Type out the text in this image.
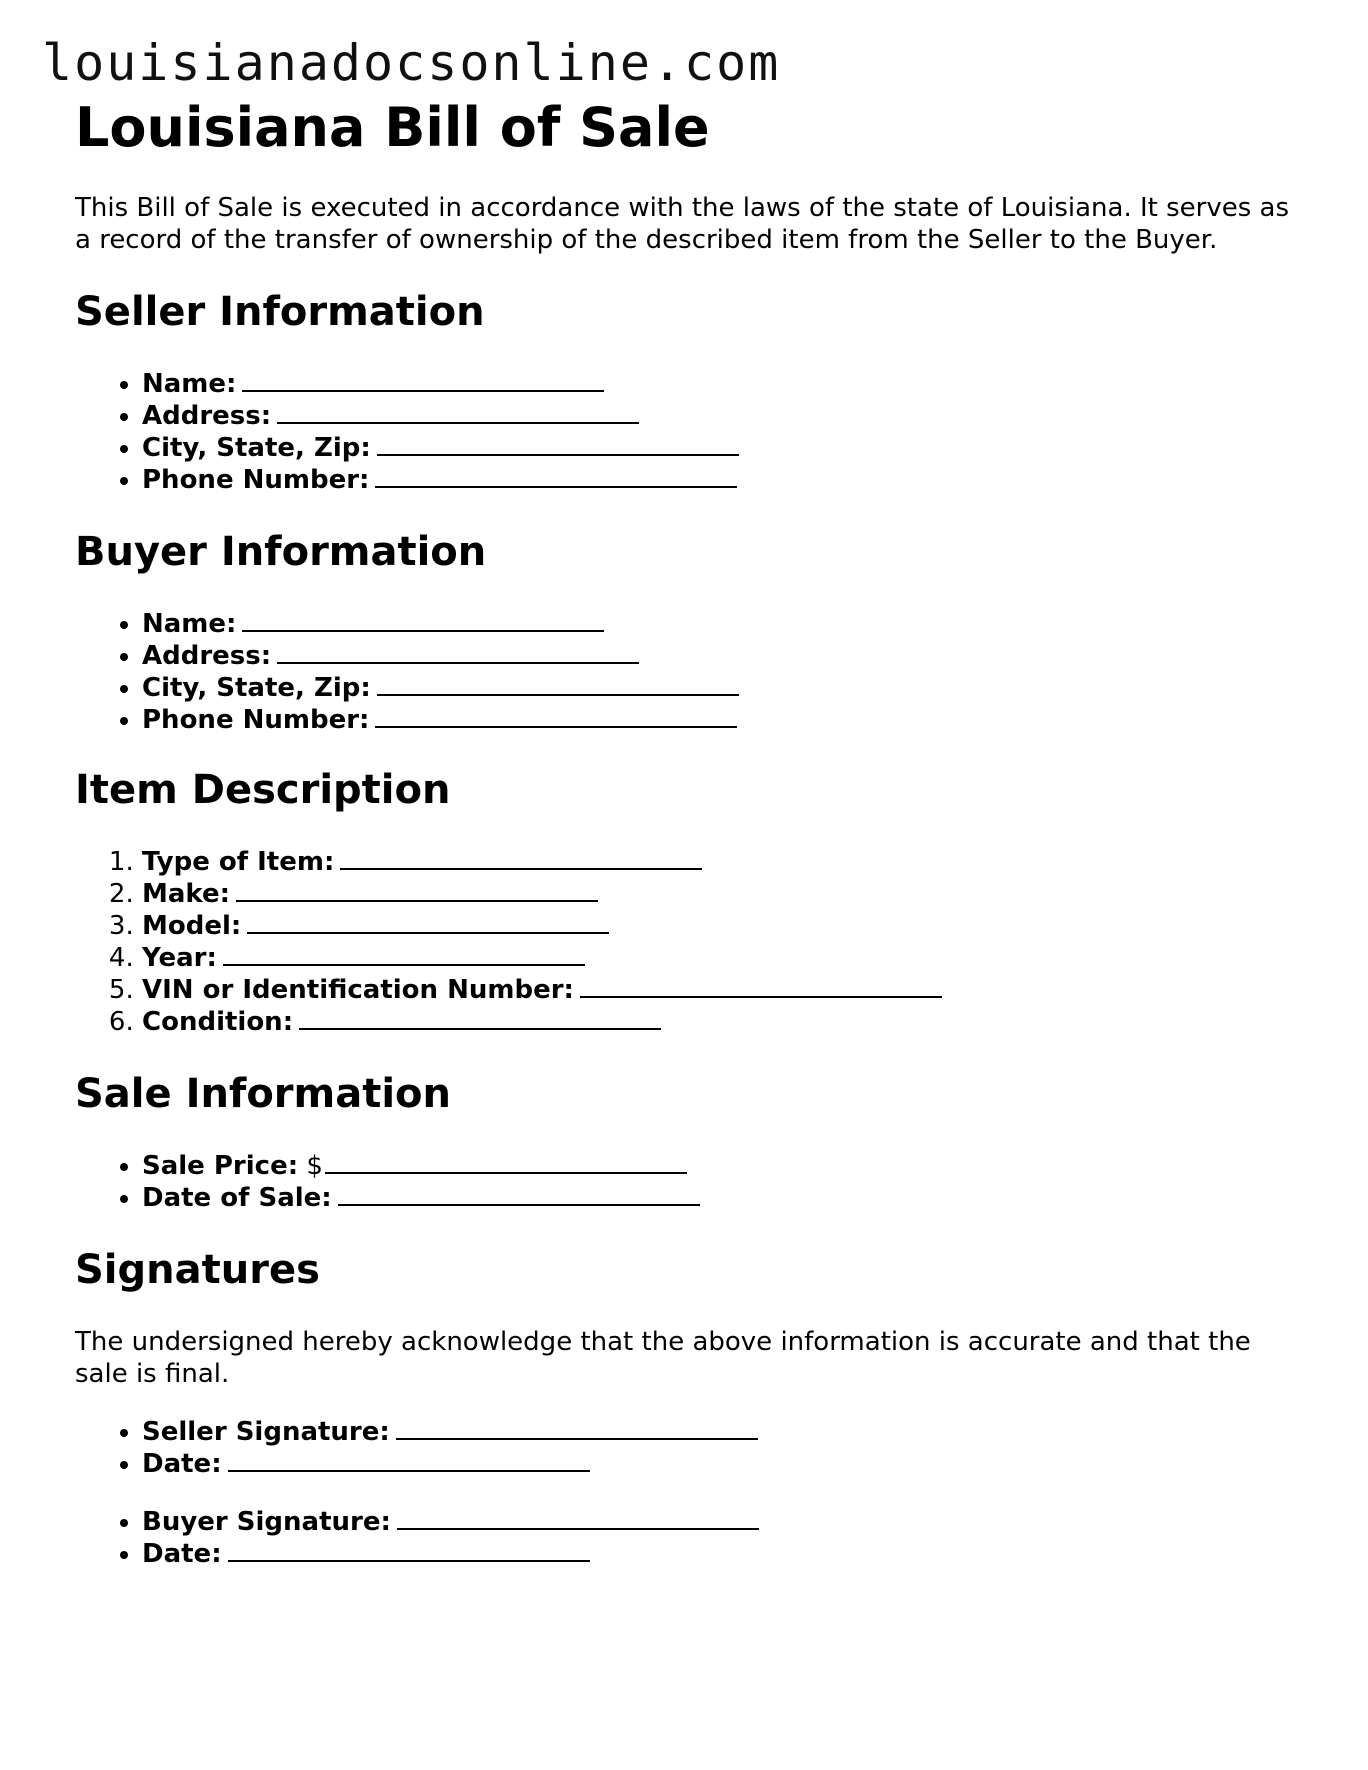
louisianadocsonline.com
Louisiana Bill of Sale

This Bill of Sale is executed in accordance with the laws of the state of Louisiana. It serves as a record of the transfer of ownership of the described item from the Seller to the Buyer.

Seller Information
• Name:
• Address:
• City, State, Zip:
• Phone Number:
Buyer Information
• Name:
• Address:
• City, State, Zip:
• Phone Number:
Item Description
1. Type of Item:
2. Make:
3. Model:
4. Year:
5. VIN or Identification Number:
6. Condition:
Sale Information
• Sale Price: $
• Date of Sale:
Signatures

The undersigned hereby acknowledge that the above information is accurate and that the sale is final.

• Seller Signature:
• Date:
• Buyer Signature:
• Date:
